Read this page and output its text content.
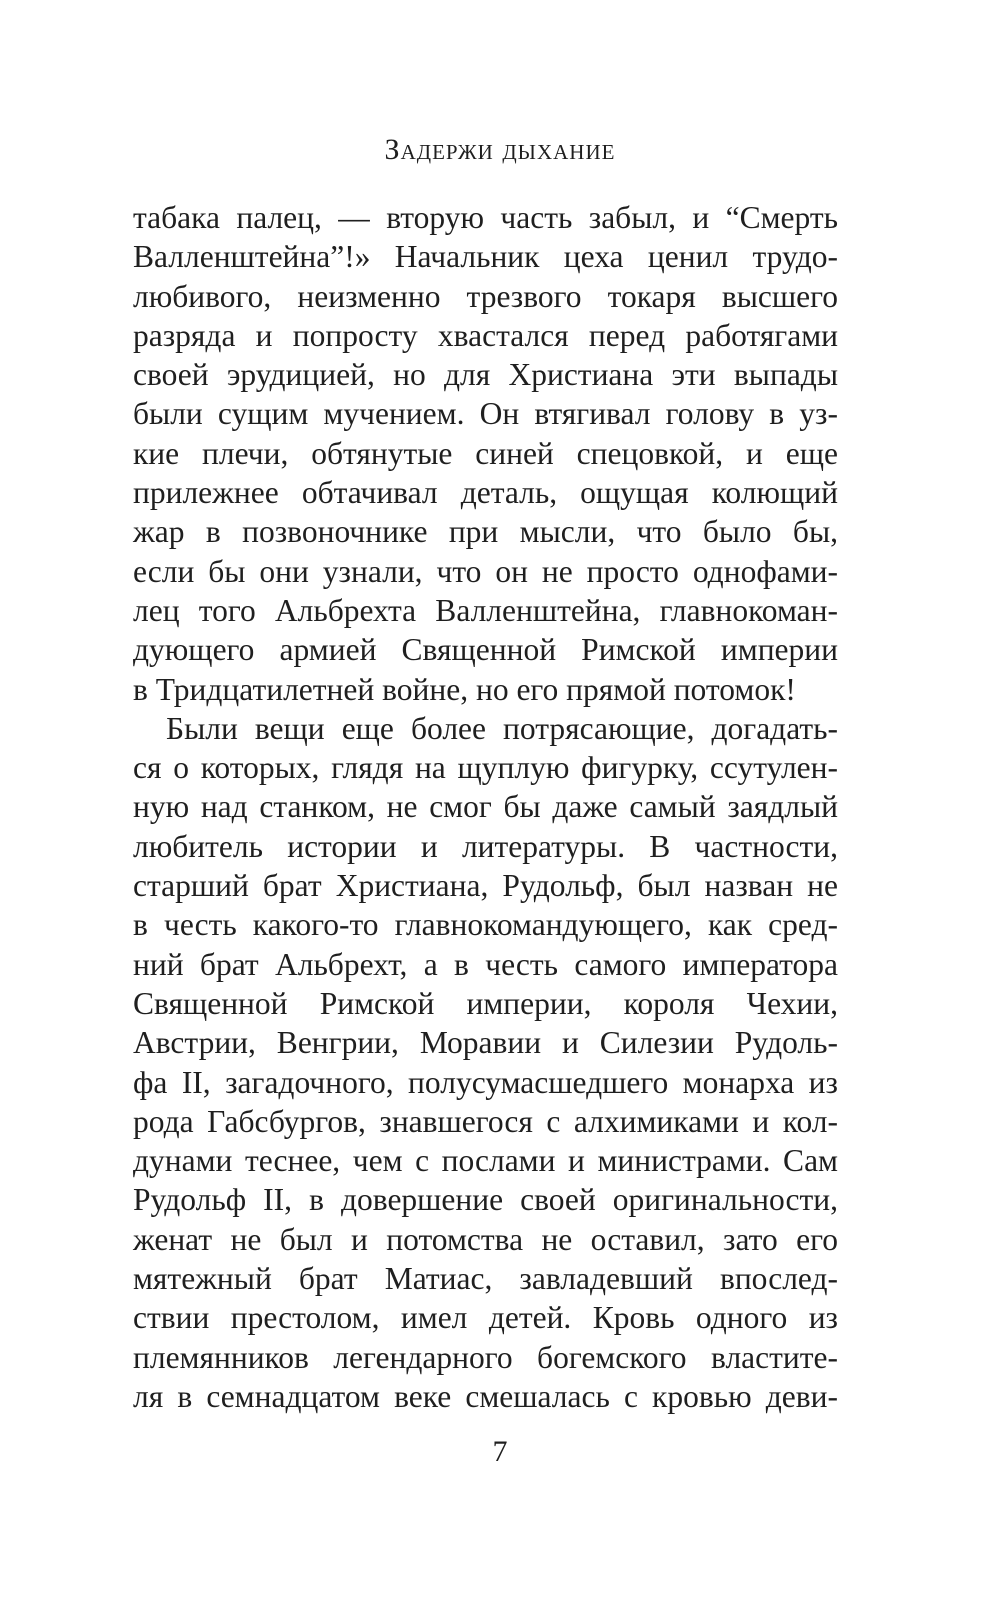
Задержи дыхание
табака палец, — вторую часть забыл, и “Смерть
Валленштейна”!» Начальник цеха ценил трудо-
любивого, неизменно трезвого токаря высшего
разряда и попросту хвастался перед работягами
своей эрудицией, но для Христиана эти выпады
были сущим мучением. Он втягивал голову в уз-
кие плечи, обтянутые синей спецовкой, и еще
прилежнее обтачивал деталь, ощущая колющий
жар в позвоночнике при мысли, что было бы,
если бы они узнали, что он не просто однофами-
лец того Альбрехта Валленштейна, главнокоман-
дующего армией Священной Римской империи
в Тридцатилетней войне, но его прямой потомок!
Были вещи еще более потрясающие, догадать-
ся о которых, глядя на щуплую фигурку, ссутулен-
ную над станком, не смог бы даже самый заядлый
любитель истории и литературы. В частности,
старший брат Христиана, Рудольф, был назван не
в честь какого-то главнокомандующего, как сред-
ний брат Альбрехт, а в честь самого императора
Священной Римской империи, короля Чехии,
Австрии, Венгрии, Моравии и Силезии Рудоль-
фа II, загадочного, полусумасшедшего монарха из
рода Габсбургов, знавшегося с алхимиками и кол-
дунами теснее, чем с послами и министрами. Сам
Рудольф II, в довершение своей оригинальности,
женат не был и потомства не оставил, зато его
мятежный брат Матиас, завладевший впослед-
ствии престолом, имел детей. Кровь одного из
племянников легендарного богемского властите-
ля в семнадцатом веке смешалась с кровью деви-
7
